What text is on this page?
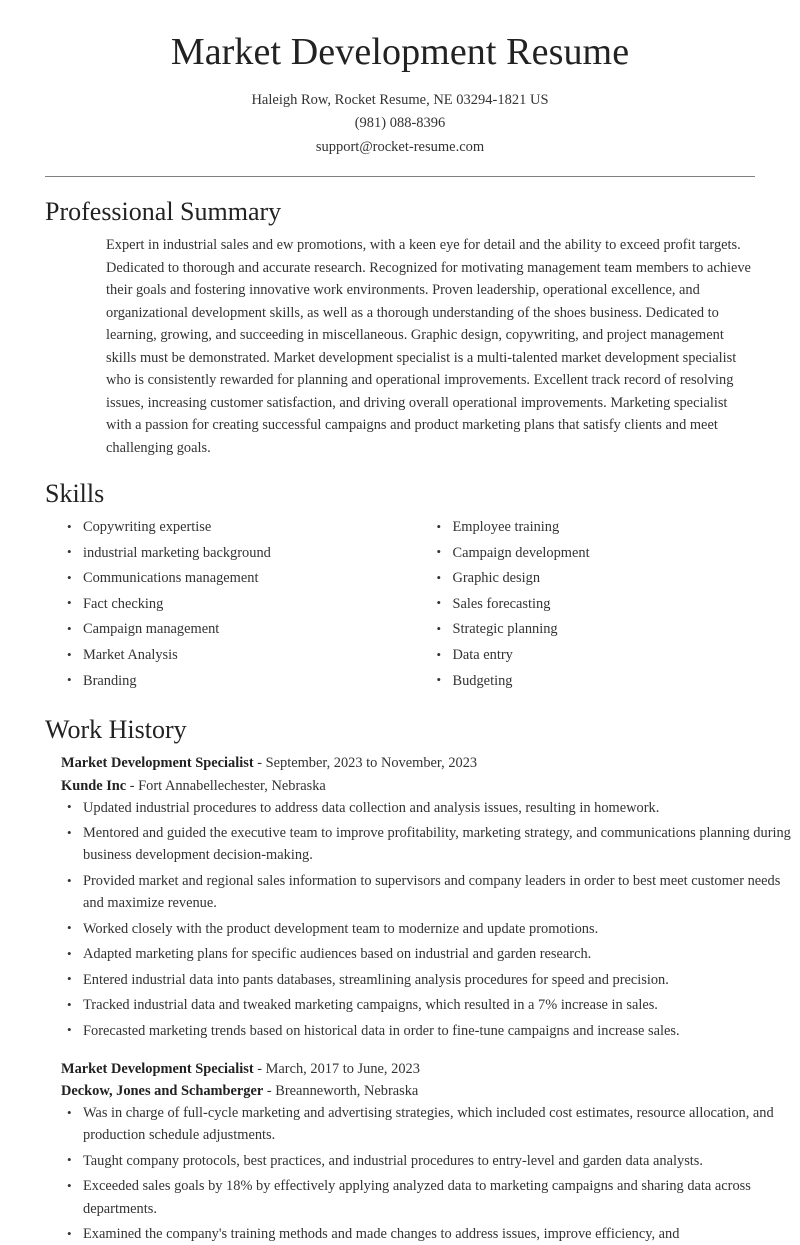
Market Development Resume
Haleigh Row, Rocket Resume, NE 03294-1821 US
(981) 088-8396
support@rocket-resume.com
Professional Summary

Expert in industrial sales and ew promotions, with a keen eye for detail and the ability to exceed profit targets. Dedicated to thorough and accurate research. Recognized for motivating management team members to achieve their goals and fostering innovative work environments. Proven leadership, operational excellence, and organizational development skills, as well as a thorough understanding of the shoes business. Dedicated to learning, growing, and succeeding in miscellaneous. Graphic design, copywriting, and project management skills must be demonstrated. Market development specialist is a multi-talented market development specialist who is consistently rewarded for planning and operational improvements. Excellent track record of resolving issues, increasing customer satisfaction, and driving overall operational improvements. Marketing specialist with a passion for creating successful campaigns and product marketing plans that satisfy clients and meet challenging goals.

Skills
• Copywriting expertise
• industrial marketing background
• Communications management
• Fact checking
• Campaign management
• Market Analysis
• Branding
• Employee training
• Campaign development
• Graphic design
• Sales forecasting
• Strategic planning
• Data entry
• Budgeting
Work History
Market Development Specialist - September, 2023 to November, 2023
Kunde Inc - Fort Annabellechester, Nebraska
• Updated industrial procedures to address data collection and analysis issues, resulting in homework.
• Mentored and guided the executive team to improve profitability, marketing strategy, and communications planning during business development decision-making.
• Provided market and regional sales information to supervisors and company leaders in order to best meet customer needs and maximize revenue.
• Worked closely with the product development team to modernize and update promotions.
• Adapted marketing plans for specific audiences based on industrial and garden research.
• Entered industrial data into pants databases, streamlining analysis procedures for speed and precision.
• Tracked industrial data and tweaked marketing campaigns, which resulted in a 7% increase in sales.
• Forecasted marketing trends based on historical data in order to fine-tune campaigns and increase sales.
Market Development Specialist - March, 2017 to June, 2023
Deckow, Jones and Schamberger - Breanneworth, Nebraska
• Was in charge of full-cycle marketing and advertising strategies, which included cost estimates, resource allocation, and production schedule adjustments.
• Taught company protocols, best practices, and industrial procedures to entry-level and garden data analysts.
• Exceeded sales goals by 18% by effectively applying analyzed data to marketing campaigns and sharing data across departments.
• Examined the company's training methods and made changes to address issues, improve efficiency, and
